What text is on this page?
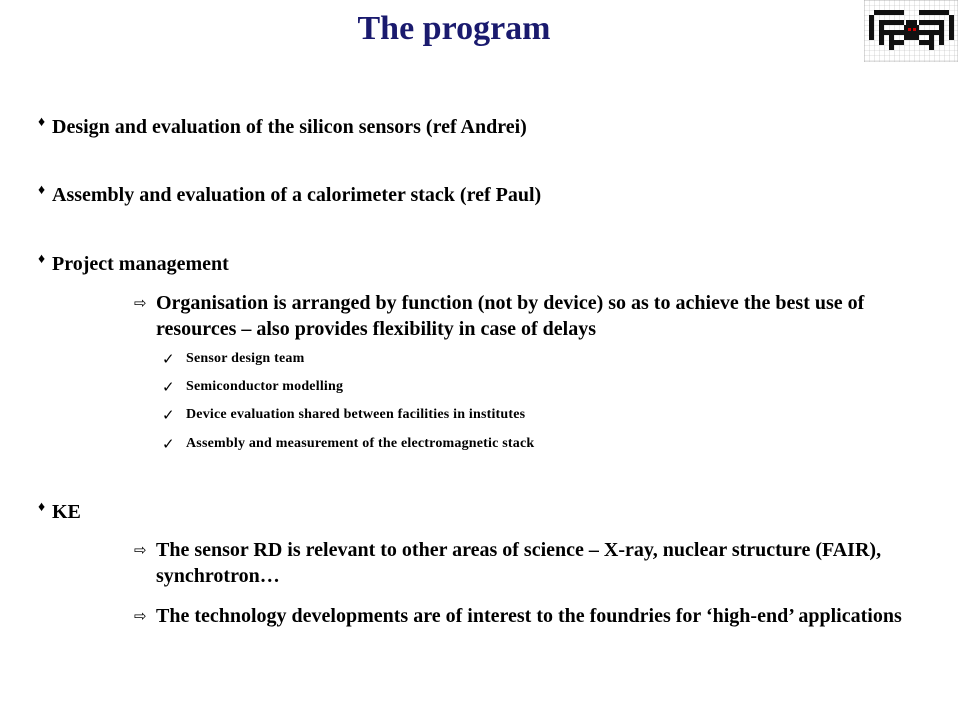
The program
♦ Design and evaluation of the silicon sensors (ref Andrei)
♦ Assembly and evaluation of a calorimeter stack (ref Paul)
♦ Project management
⇨ Organisation is arranged by function (not by device) so as to achieve the best use of resources – also provides flexibility in case of delays
✓ Sensor design team
✓ Semiconductor modelling
✓ Device evaluation shared between facilities in institutes
✓ Assembly and measurement of the electromagnetic stack
♦ KE
⇨ The sensor RD is relevant to other areas of science – X-ray, nuclear structure (FAIR), synchrotron…
⇨ The technology developments are of interest to the foundries for ‘high-end’ applications
